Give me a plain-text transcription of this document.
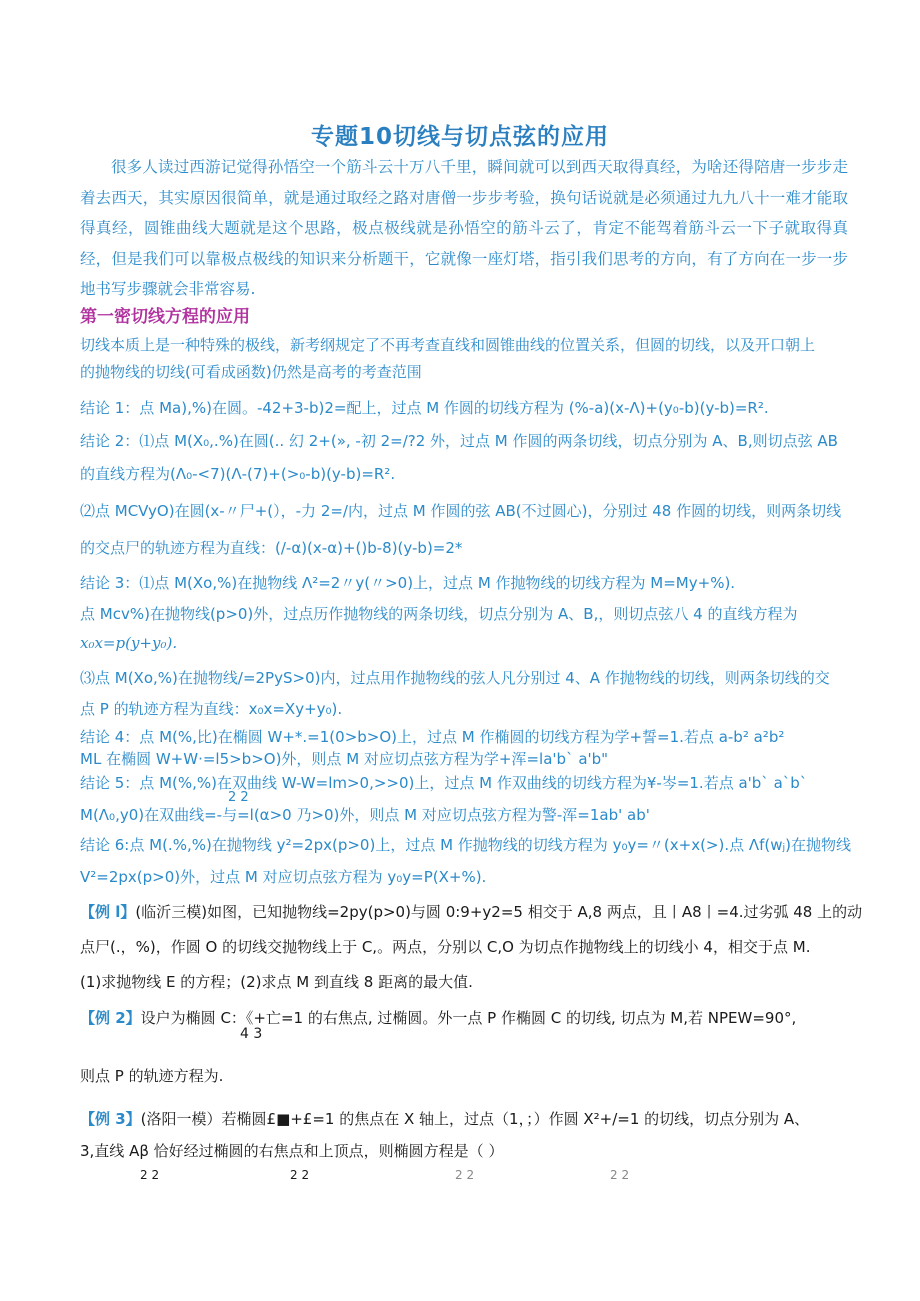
专题10切线与切点弦的应用

很多人读过西游记觉得孙悟空一个筋斗云十万八千里，瞬间就可以到西天取得真经，为啥还得陪唐一步步走着去西天，其实原因很简单，就是通过取经之路对唐僧一步步考验，换句话说就是必须通过九九八十一难才能取得真经，圆锥曲线大题就是这个思路，极点极线就是孙悟空的筋斗云了，肯定不能驾着筋斗云一下子就取得真经，但是我们可以靠极点极线的知识来分析题干，它就像一座灯塔，指引我们思考的方向，有了方向在一步一步地书写步骤就会非常容易.

第一密切线方程的应用
切线本质上是一种特殊的极线，新考纲规定了不再考查直线和圆锥曲线的位置关系，但圆的切线，以及开口朝上
的抛物线的切线(可看成函数)仍然是高考的考查范围
结论 1：点 Ma),%)在圆。-42+3-b)2=配上，过点 M 作圆的切线方程为 (%-a)(x-Λ)+(y₀-b)(y-b)=R².
结论 2：⑴点 M(X₀,.%)在圆(.. 幻 2+(», -初 2=/?2 外，过点 M 作圆的两条切线，切点分别为 A、B,则切点弦 AB
的直线方程为(Λ₀-<7)(Λ-(7)+(>₀-b)(y-b)=R².
⑵点 MCVyO)在圆(x-〃尸+(），-力 2=/内，过点 M 作圆的弦 AB(不过圆心)，分别过 48 作圆的切线，则两条切线
的交点尸的轨迹方程为直线：(/-α)(x-α)+()b-8)(y-b)=2*
结论 3：⑴点 M(Xo,%)在抛物线 Λ²=2〃y(〃>0)上，过点 M 作抛物线的切线方程为 M=My+%).
点 Mcv%)在抛物线(p>0)外，过点历作抛物线的两条切线，切点分别为 A、B,，则切点弦八 4 的直线方程为
x₀x=p(y+y₀).
⑶点 M(Xo,%)在抛物线/=2PyS>0)内，过点用作抛物线的弦人凡分别过 4、A 作抛物线的切线，则两条切线的交
点 P 的轨迹方程为直线：x₀x=Xy+y₀).
结论 4：点 M(%,比)在椭圆 W+*.=1(0>b>O)上，过点 M 作椭圆的切线方程为学+誓=1.若点 a-b² a²b²
ML 在椭圆 W+W·=l5>b>O)外，则点 M 对应切点弦方程为学+浑=la'b` a'b"
结论 5：点 M(%,%)在双曲线 W-W=lm>0,>>0)上，过点 M 作双曲线的切线方程为¥-岑=1.若点 a'b` a`b`
2 2
M(Λ₀,y0)在双曲线=-与=l(α>0 乃>0)外，则点 M 对应切点弦方程为警-浑=1ab' ab'
结论 6:点 M(.%,%)在抛物线 y²=2px(p>0)上，过点 M 作抛物线的切线方程为 y₀y=〃(x+x(>).点 Λf(wⱼ)在抛物线
V²=2px(p>0)外，过点 M 对应切点弦方程为 y₀y=P(X+%).
【例 l】(临沂三模)如图，已知抛物线=2py(p>0)与圆 0:9+y2=5 相交于 A,8 两点，且丨A8丨=4.过劣弧 48 上的动
点尸(.，%)，作圆 O 的切线交抛物线上于 C,。两点，分别以 C,O 为切点作抛物线上的切线小 4，相交于点 M.
(1)求抛物线 E 的方程；(2)求点 M 到直线 8 距离的最大值.
【例 2】设户为椭圆 C：《+亡=1 的右焦点, 过椭圆。外一点 P 作椭圆 C 的切线, 切点为 M,若 NPEW=90°,
4 3
则点 P 的轨迹方程为.
【例 3】(洛阳一模）若椭圆£■+£=1 的焦点在 X 轴上，过点（1，；）作圆 X²+/=1 的切线，切点分别为 A、
3,直线 Aβ 恰好经过椭圆的右焦点和上顶点，则椭圆方程是（ ）
2 2	2 2	2 2	2 2
